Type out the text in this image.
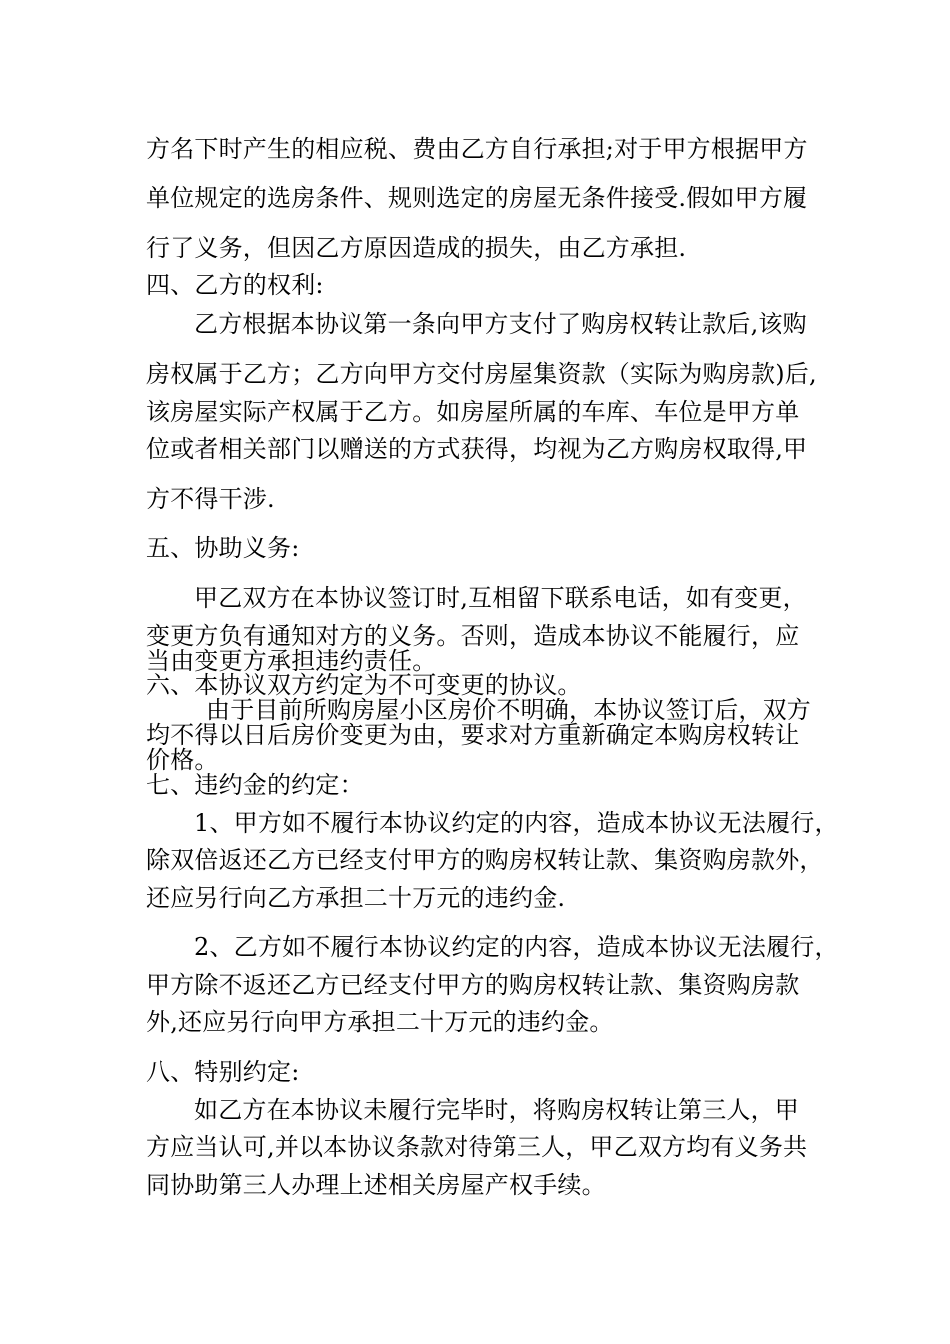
方名下时产生的相应税、费由乙方自行承担;对于甲方根据甲方
单位规定的选房条件、规则选定的房屋无条件接受.假如甲方履
行了义务，但因乙方原因造成的损失，由乙方承担.
四、乙方的权利:
乙方根据本协议第一条向甲方支付了购房权转让款后,该购
房权属于乙方；乙方向甲方交付房屋集资款（实际为购房款)后,
该房屋实际产权属于乙方。如房屋所属的车库、车位是甲方单
位或者相关部门以赠送的方式获得，均视为乙方购房权取得,甲
方不得干涉.
五、协助义务:
甲乙双方在本协议签订时,互相留下联系电话，如有变更，
变更方负有通知对方的义务。否则，造成本协议不能履行，应
当由变更方承担违约责任。
六、本协议双方约定为不可变更的协议。
由于目前所购房屋小区房价不明确，本协议签订后，双方
均不得以日后房价变更为由，要求对方重新确定本购房权转让
价格。
七、违约金的约定：
1、甲方如不履行本协议约定的内容，造成本协议无法履行，
除双倍返还乙方已经支付甲方的购房权转让款、集资购房款外，
还应另行向乙方承担二十万元的违约金.
2、乙方如不履行本协议约定的内容，造成本协议无法履行，
甲方除不返还乙方已经支付甲方的购房权转让款、集资购房款
外,还应另行向甲方承担二十万元的违约金。
八、特别约定:
如乙方在本协议未履行完毕时，将购房权转让第三人，甲
方应当认可,并以本协议条款对待第三人，甲乙双方均有义务共
同协助第三人办理上述相关房屋产权手续。
